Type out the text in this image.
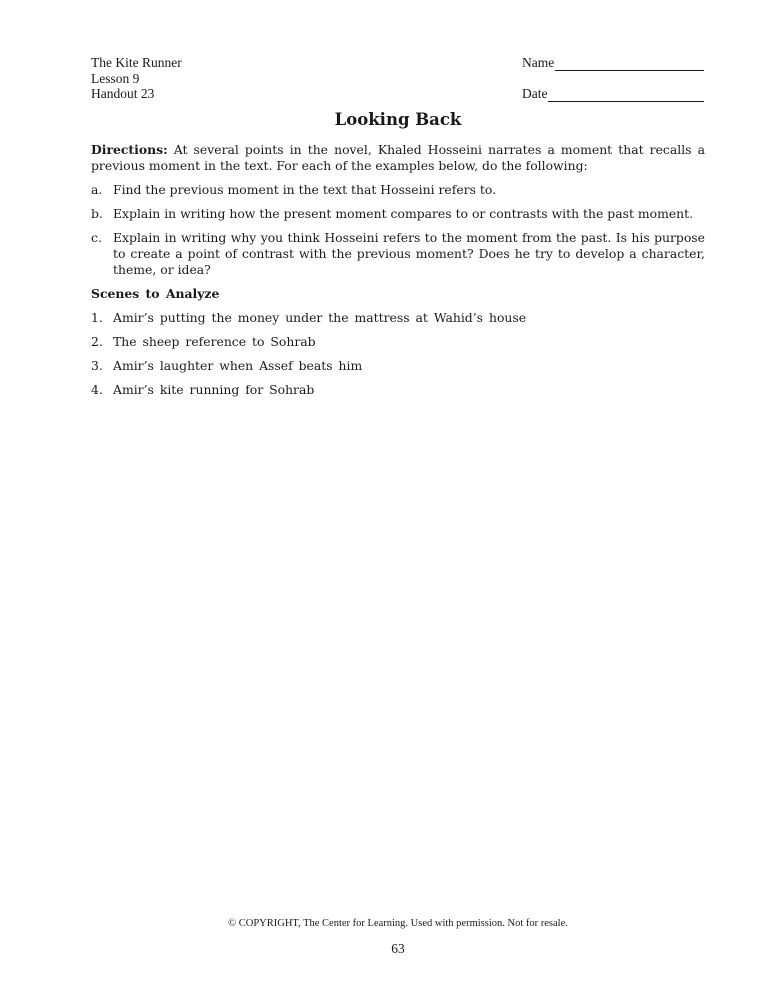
The Kite Runner
Lesson 9
Handout 23
Name
Date
Looking Back

Directions: At several points in the novel, Khaled Hosseini narrates a moment that recalls a previous moment in the text. For each of the examples below, do the following:

a. Find the previous moment in the text that Hosseini refers to.
b. Explain in writing how the present moment compares to or contrasts with the past moment.
c. Explain in writing why you think Hosseini refers to the moment from the past. Is his purpose to create a point of contrast with the previous moment? Does he try to develop a character, theme, or idea?
Scenes to Analyze
1. Amir’s putting the money under the mattress at Wahid’s house
2. The sheep reference to Sohrab
3. Amir’s laughter when Assef beats him
4. Amir’s kite running for Sohrab
© COPYRIGHT, The Center for Learning. Used with permission. Not for resale.
63
